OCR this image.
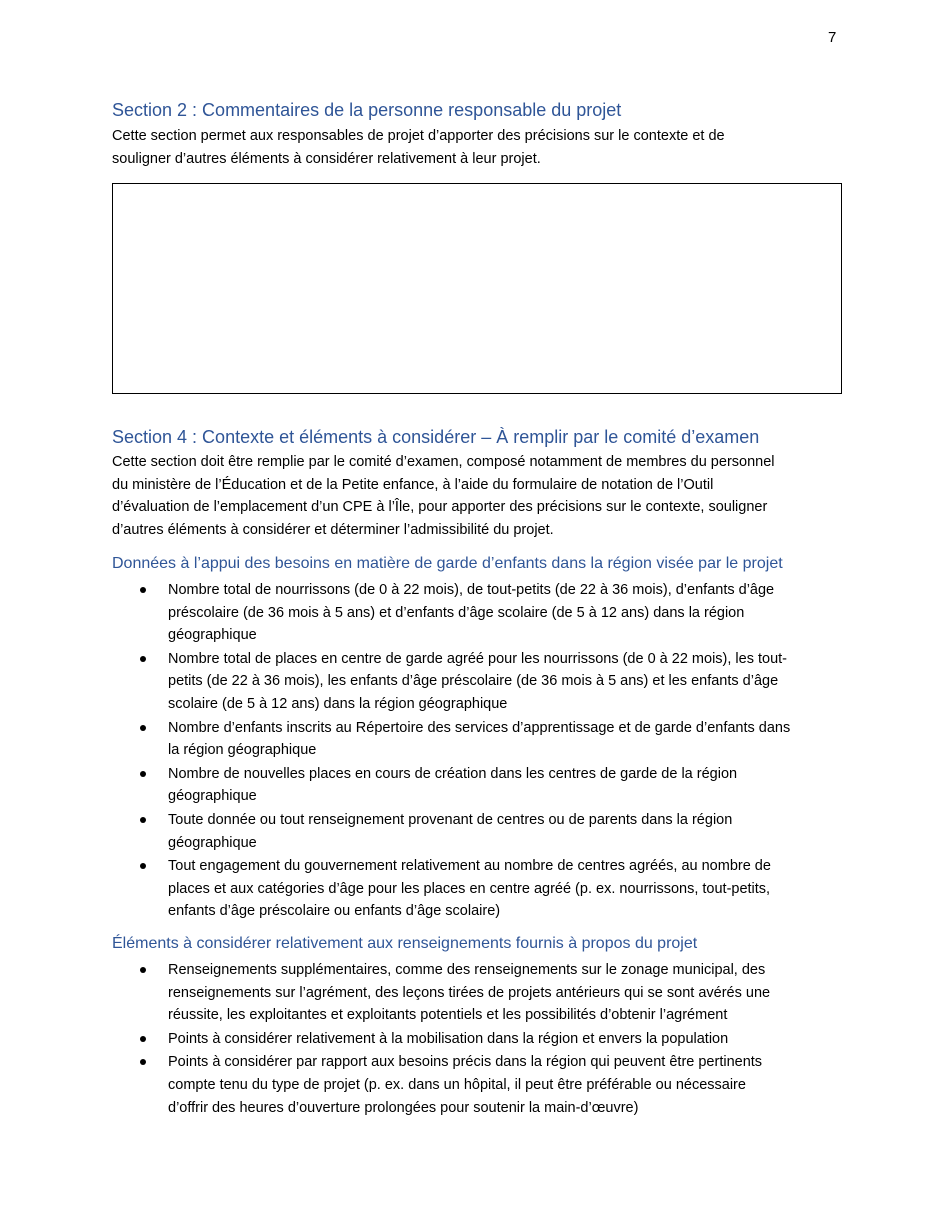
7
Section 2 : Commentaires de la personne responsable du projet
Cette section permet aux responsables de projet d’apporter des précisions sur le contexte et de
souligner d’autres éléments à considérer relativement à leur projet.
Section 4 : Contexte et éléments à considérer – À remplir par le comité d’examen
Cette section doit être remplie par le comité d’examen, composé notamment de membres du personnel
du ministère de l’Éducation et de la Petite enfance, à l’aide du formulaire de notation de l’Outil
d’évaluation de l’emplacement d’un CPE à l’Île, pour apporter des précisions sur le contexte, souligner
d’autres éléments à considérer et déterminer l’admissibilité du projet.
Données à l’appui des besoins en matière de garde d’enfants dans la région visée par le projet
Nombre total de nourrissons (de 0 à 22 mois), de tout-petits (de 22 à 36 mois), d’enfants d’âge
préscolaire (de 36 mois à 5 ans) et d’enfants d’âge scolaire (de 5 à 12 ans) dans la région
géographique
Nombre total de places en centre de garde agréé pour les nourrissons (de 0 à 22 mois), les tout-
petits (de 22 à 36 mois), les enfants d’âge préscolaire (de 36 mois à 5 ans) et les enfants d’âge
scolaire (de 5 à 12 ans) dans la région géographique
Nombre d’enfants inscrits au Répertoire des services d’apprentissage et de garde d’enfants dans
la région géographique
Nombre de nouvelles places en cours de création dans les centres de garde de la région
géographique
Toute donnée ou tout renseignement provenant de centres ou de parents dans la région
géographique
Tout engagement du gouvernement relativement au nombre de centres agréés, au nombre de
places et aux catégories d’âge pour les places en centre agréé (p. ex. nourrissons, tout-petits,
enfants d’âge préscolaire ou enfants d’âge scolaire)
Éléments à considérer relativement aux renseignements fournis à propos du projet
Renseignements supplémentaires, comme des renseignements sur le zonage municipal, des
renseignements sur l’agrément, des leçons tirées de projets antérieurs qui se sont avérés une
réussite, les exploitantes et exploitants potentiels et les possibilités d’obtenir l’agrément
Points à considérer relativement à la mobilisation dans la région et envers la population
Points à considérer par rapport aux besoins précis dans la région qui peuvent être pertinents
compte tenu du type de projet (p. ex. dans un hôpital, il peut être préférable ou nécessaire
d’offrir des heures d’ouverture prolongées pour soutenir la main-d’œuvre)
